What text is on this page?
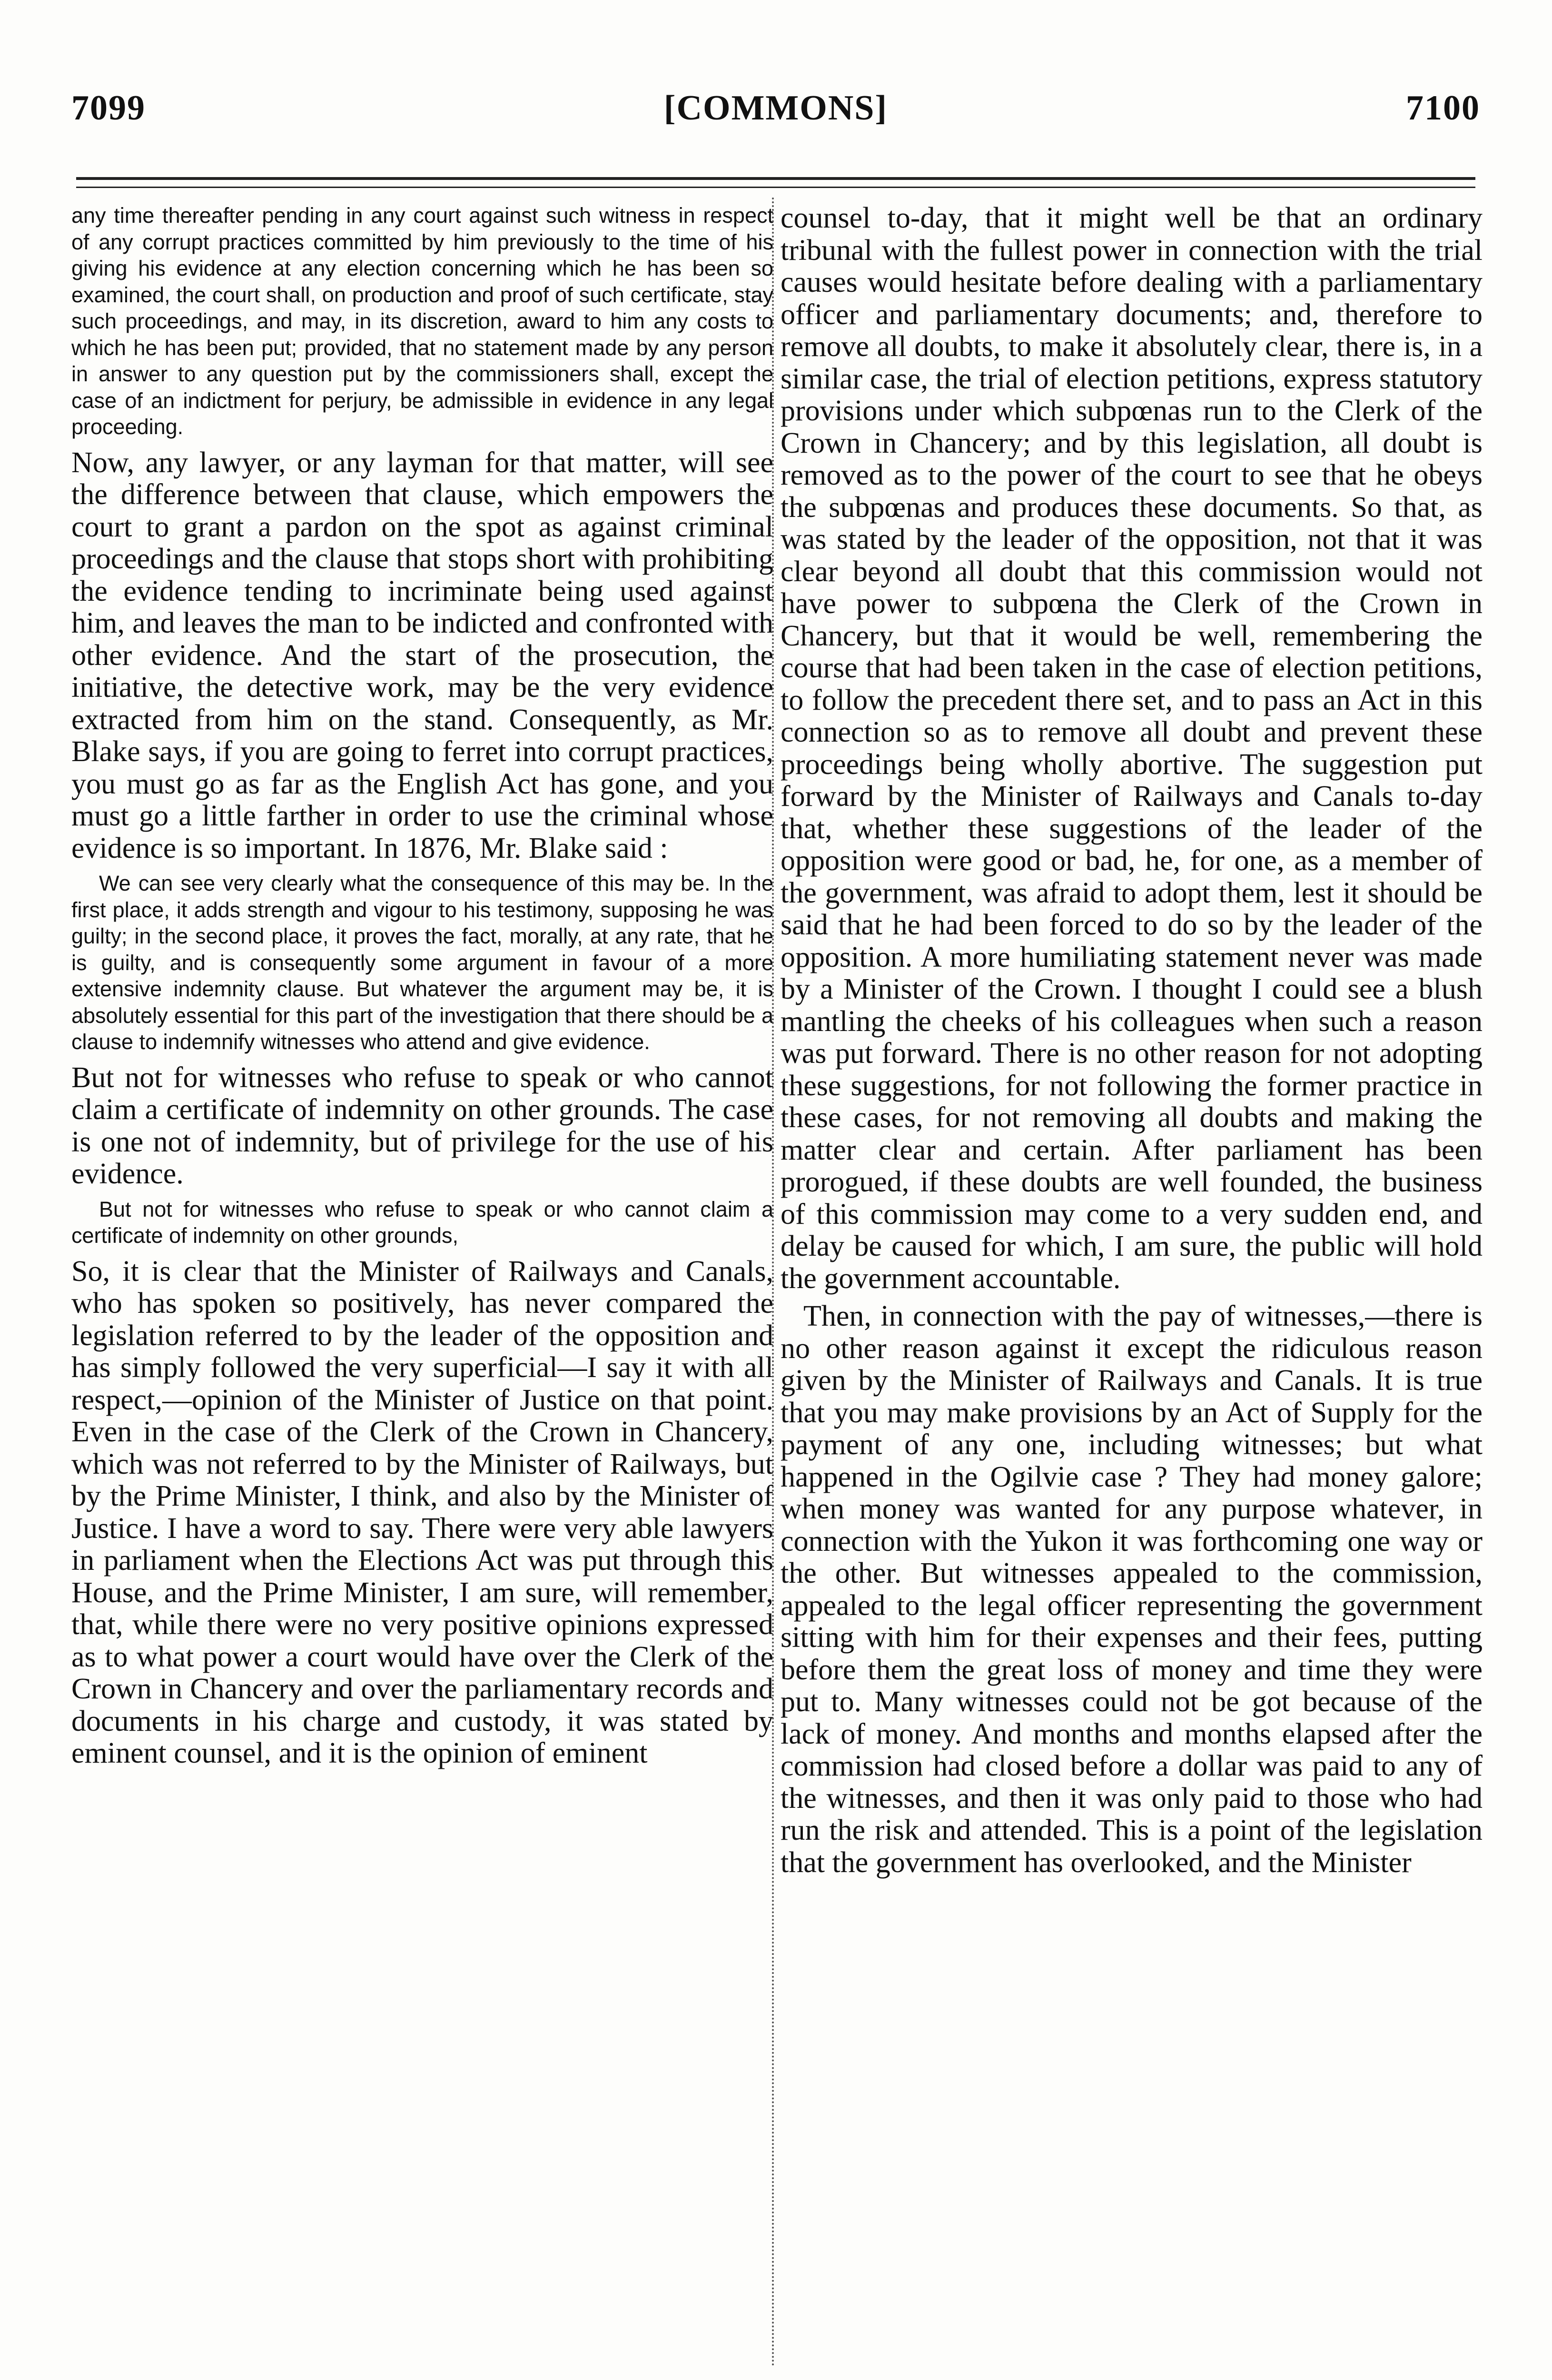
7099	[COMMONS]	7100

any time thereafter pending in any court against such witness in respect of any corrupt practices committed by him previously to the time of his giving his evidence at any election concerning which he has been so examined, the court shall, on production and proof of such certificate, stay such proceedings, and may, in its discretion, award to him any costs to which he has been put; provided, that no statement made by any person in answer to any question put by the commissioners shall, except the case of an indictment for perjury, be admissible in evidence in any legal proceeding.

Now, any lawyer, or any layman for that matter, will see the difference between that clause, which empowers the court to grant a pardon on the spot as against criminal proceedings and the clause that stops short with prohibiting the evidence tending to incriminate being used against him, and leaves the man to be indicted and confronted with other evidence. And the start of the prosecution, the initiative, the detective work, may be the very evidence extracted from him on the stand. Consequently, as Mr. Blake says, if you are going to ferret into corrupt practices, you must go as far as the English Act has gone, and you must go a little farther in order to use the criminal whose evidence is so important. In 1876, Mr. Blake said :

We can see very clearly what the consequence of this may be. In the first place, it adds strength and vigour to his testimony, supposing he was guilty; in the second place, it proves the fact, morally, at any rate, that he is guilty, and is consequently some argument in favour of a more extensive indemnity clause. But whatever the argument may be, it is absolutely essential for this part of the investigation that there should be a clause to indemnify witnesses who attend and give evidence.

But not for witnesses who refuse to speak or who cannot claim a certificate of indemnity on other grounds. The case is one not of indemnity, but of privilege for the use of his evidence.

But not for witnesses who refuse to speak or who cannot claim a certificate of indemnity on other grounds,

So, it is clear that the Minister of Railways and Canals, who has spoken so positively, has never compared the legislation referred to by the leader of the opposition and has simply followed the very superficial—I say it with all respect,—opinion of the Minister of Justice on that point. Even in the case of the Clerk of the Crown in Chancery, which was not referred to by the Minister of Railways, but by the Prime Minister, I think, and also by the Minister of Justice. I have a word to say. There were very able lawyers in parliament when the Elections Act was put through this House, and the Prime Minister, I am sure, will remember, that, while there were no very positive opinions expressed as to what power a court would have over the Clerk of the Crown in Chancery and over the parliamentary records and documents in his charge and custody, it was stated by eminent counsel, and it is the opinion of eminent

counsel to-day, that it might well be that an ordinary tribunal with the fullest power in connection with the trial causes would hesitate before dealing with a parliamentary officer and parliamentary documents; and, therefore to remove all doubts, to make it absolutely clear, there is, in a similar case, the trial of election petitions, express statutory provisions under which subpœnas run to the Clerk of the Crown in Chancery; and by this legislation, all doubt is removed as to the power of the court to see that he obeys the subpœnas and produces these documents. So that, as was stated by the leader of the opposition, not that it was clear beyond all doubt that this commission would not have power to subpœna the Clerk of the Crown in Chancery, but that it would be well, remembering the course that had been taken in the case of election petitions, to follow the precedent there set, and to pass an Act in this connection so as to remove all doubt and prevent these proceedings being wholly abortive. The suggestion put forward by the Minister of Railways and Canals to-day that, whether these suggestions of the leader of the opposition were good or bad, he, for one, as a member of the government, was afraid to adopt them, lest it should be said that he had been forced to do so by the leader of the opposition. A more humiliating statement never was made by a Minister of the Crown. I thought I could see a blush mantling the cheeks of his colleagues when such a reason was put forward. There is no other reason for not adopting these suggestions, for not following the former practice in these cases, for not removing all doubts and making the matter clear and certain. After parliament has been prorogued, if these doubts are well founded, the business of this commission may come to a very sudden end, and delay be caused for which, I am sure, the public will hold the government accountable.

Then, in connection with the pay of witnesses,—there is no other reason against it except the ridiculous reason given by the Minister of Railways and Canals. It is true that you may make provisions by an Act of Supply for the payment of any one, including witnesses; but what happened in the Ogilvie case ? They had money galore; when money was wanted for any purpose whatever, in connection with the Yukon it was forthcoming one way or the other. But witnesses appealed to the commission, appealed to the legal officer representing the government sitting with him for their expenses and their fees, putting before them the great loss of money and time they were put to. Many witnesses could not be got because of the lack of money. And months and months elapsed after the commission had closed before a dollar was paid to any of the witnesses, and then it was only paid to those who had run the risk and attended. This is a point of the legislation that the government has overlooked, and the Minister
